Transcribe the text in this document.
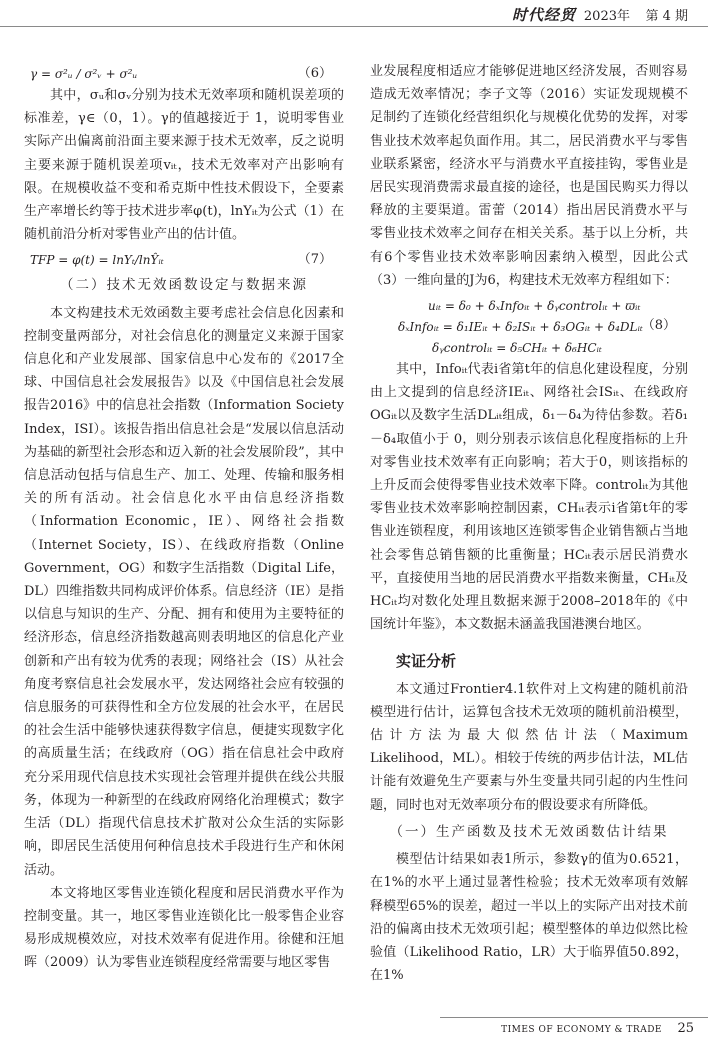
时代经贸 2023年 第 4 期
γ = σ²ᵤ / σ²ᵥ + σ²ᵤ	（6）

其中，σᵤ和σᵥ分别为技术无效率项和随机误差项的标准差，γ∈（0，1）。γ的值越接近于 1，说明零售业实际产出偏离前沿面主要来源于技术无效率，反之说明主要来源于随机误差项vᵢₜ，技术无效率对产出影响有限。在规模收益不变和希克斯中性技术假设下，全要素生产率增长约等于技术进步率φ(t)，lnYᵢₜ为公式（1）在随机前沿分析对零售业产出的估计值。

TFP = φ(t) = lnYₜ/lnŶᵢₜ	（7）
（二）技术无效函数设定与数据来源

本文构建技术无效函数主要考虑社会信息化因素和控制变量两部分，对社会信息化的测量定义来源于国家信息化和产业发展部、国家信息中心发布的《2017全球、中国信息社会发展报告》以及《中国信息社会发展报告2016》中的信息社会指数（Information Society Index，ISI）。该报告指出信息社会是“发展以信息活动为基础的新型社会形态和迈入新的社会发展阶段”，其中信息活动包括与信息生产、加工、处理、传输和服务相关的所有活动。社会信息化水平由信息经济指数（Information Economic，IE）、网络社会指数（Internet Society，IS）、在线政府指数（Online Government，OG）和数字生活指数（Digital Life，DL）四维指数共同构成评价体系。信息经济（IE）是指以信息与知识的生产、分配、拥有和使用为主要特征的经济形态，信息经济指数越高则表明地区的信息化产业创新和产出有较为优秀的表现；网络社会（IS）从社会角度考察信息社会发展水平，发达网络社会应有较强的信息服务的可获得性和全方位发展的社会水平，在居民的社会生活中能够快速获得数字信息，便捷实现数字化的高质量生活；在线政府（OG）指在信息社会中政府充分采用现代信息技术实现社会管理并提供在线公共服务，体现为一种新型的在线政府网络化治理模式；数字生活（DL）指现代信息技术扩散对公众生活的实际影响，即居民生活使用何种信息技术手段进行生产和休闲活动。

本文将地区零售业连锁化程度和居民消费水平作为控制变量。其一，地区零售业连锁化比一般零售企业容易形成规模效应，对技术效率有促进作用。徐健和汪旭晖（2009）认为零售业连锁程度经常需要与地区零售

业发展程度相适应才能够促进地区经济发展，否则容易造成无效率情况；李子文等（2016）实证发现规模不足制约了连锁化经营组织化与规模化优势的发挥，对零售业技术效率起负面作用。其二，居民消费水平与零售业联系紧密，经济水平与消费水平直接挂钩，零售业是居民实现消费需求最直接的途径，也是国民购买力得以释放的主要渠道。雷蕾（2014）指出居民消费水平与零售业技术效率之间存在相关关系。基于以上分析，共有6个零售业技术效率影响因素纳入模型，因此公式（3）一维向量的J为6，构建技术无效率方程组如下：

uᵢₜ = δ₀ + δₓInfoᵢₜ + δᵧcontrolᵢₜ + ϖᵢₜ
δₓInfoᵢₜ = δ₁IEᵢₜ + δ₂ISᵢₜ + δ₃OGᵢₜ + δ₄DLᵢₜ
δᵧcontrolᵢₜ = δ₅CHᵢₜ + δ₆HCᵢₜ
（8）

其中，Infoᵢₜ代表i省第t年的信息化建设程度，分别由上文提到的信息经济IEᵢₜ、网络社会ISᵢₜ、在线政府OGᵢₜ以及数字生活DLᵢₜ组成，δ₁－δ₄为待估参数。若δ₁－δ₄取值小于 0，则分别表示该信息化程度指标的上升对零售业技术效率有正向影响；若大于0，则该指标的上升反而会使得零售业技术效率下降。controlᵢₜ为其他零售业技术效率影响控制因素，CHᵢₜ表示i省第t年的零售业连锁程度，利用该地区连锁零售企业销售额占当地社会零售总销售额的比重衡量；HCᵢₜ表示居民消费水平，直接使用当地的居民消费水平指数来衡量，CHᵢₜ及HCᵢₜ均对数化处理且数据来源于2008–2018年的《中国统计年鉴》，本文数据未涵盖我国港澳台地区。

实证分析

本文通过Frontier4.1软件对上文构建的随机前沿模型进行估计，运算包含技术无效项的随机前沿模型，估计方法为最大似然估计法（Maximum Likelihood，ML）。相较于传统的两步估计法，ML估计能有效避免生产要素与外生变量共同引起的内生性问题，同时也对无效率项分布的假设要求有所降低。

（一）生产函数及技术无效函数估计结果

模型估计结果如表1所示，参数γ的值为0.6521，在1%的水平上通过显著性检验；技术无效率项有效解释模型65%的误差，超过一半以上的实际产出对技术前沿的偏离由技术无效项引起；模型整体的单边似然比检验值（Likelihood Ratio，LR）大于临界值50.892，在1%

TIMES OF ECONOMY & TRADE 25
